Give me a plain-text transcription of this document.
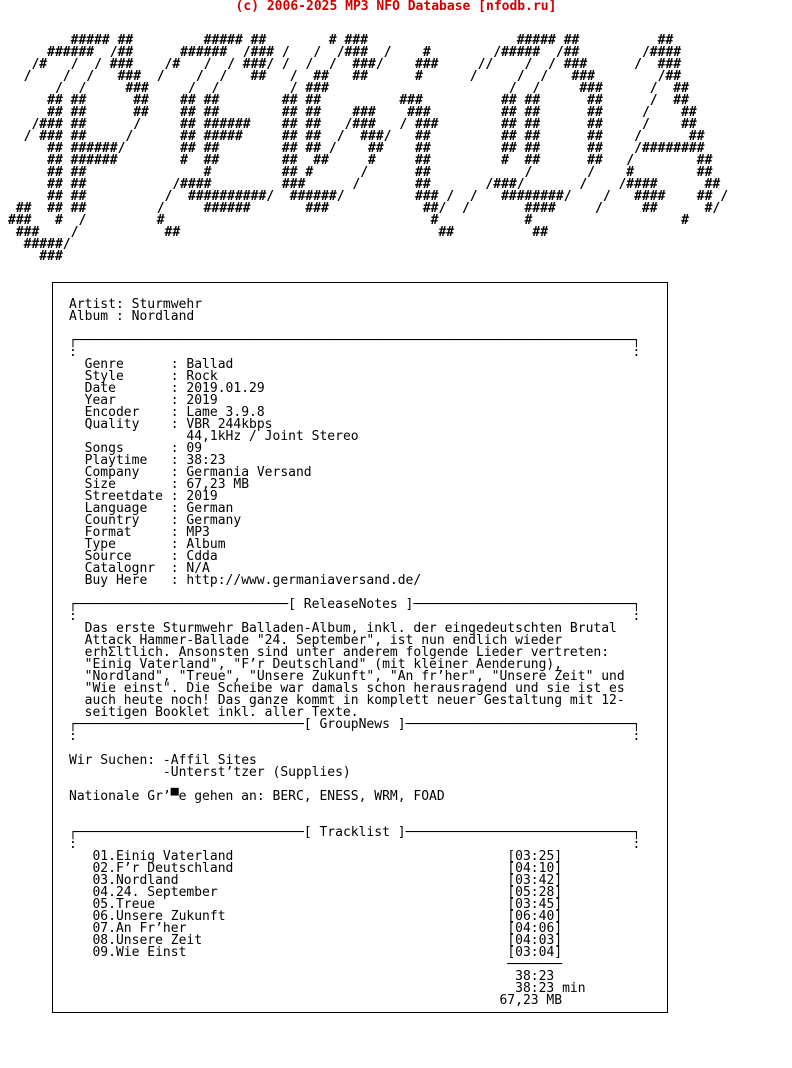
(c) 2006-2025 MP3 NFO Database [nfodb.ru]
##### ##         ##### ##        # ###                   ##### ##          ##
######  /##      ######  /### /   /  /###  /    #        /#####  /##        /####
/#   /  / ###    /#   /  / ###/ /  /  /  ###/    ###     //    /  / ###      /  ###
/    /  /   ###  /    /  /   ##   /  ##   ##      #      /     /  /   ###        /##
/  /     ###     /  /         / ###                       /  /     ###      /  ##
## ##      ##    ## ##        ## ##          ###          ## ##      ##      /  ##
## ##      ##    ## ##        ## ##    ###    ###         ## ##      ##     /    ##
/### ##      /     ## ######    ## ##   /###   / ###        ## ##      ##     /    ##
/ ### ##     /      ## #####     ## ##  /  ###/   ##         ## ##      ##    /      ##
## ######/       ## ##        ## ## /    ##    ##         ## ##      ##    /########
## ######        #  ##        ##  ##     #     ##         #  ##      ##   /        ##
## ##               #         ## #      /      ##            /       /    #        ##
## ##           /####         ###      /       ##       /###/       /    /####      ##
## ##          /  ##########/  ######/         ### /  /   ########/    /   ####    ## /
##  ## ##         /     ######       ###            ##/  /       ####     /     ##      #/
###   #  /         #                                  #           #                   #
###    /           ##                                 ##          ##
#####/
###
Artist: Sturmwehr
Album : Nordland

┌───────────────────────────────────────────────────────────────────────┐
:                                                                       :
Genre      : Ballad
Style      : Rock
Date       : 2019.01.29
Year       : 2019
Encoder    : Lame 3.9.8
Quality    : VBR 244kbps
44,1kHz / Joint Stereo
Songs      : 09
Playtime   : 38:23
Company    : Germania Versand
Size       : 67,23 MB
Streetdate : 2019
Language   : German
Country    : Germany
Format     : MP3
Type       : Album
Source     : Cdda
Catalognr  : N/A
Buy Here   : http://www.germaniaversand.de/

┌───────────────────────────[ ReleaseNotes ]────────────────────────────┐
:                                                                       :
Das erste Sturmwehr Balladen-Album, inkl. der eingedeutschten Brutal
Attack Hammer-Ballade "24. September", ist nun endlich wieder
erhΣltlich. Ansonsten sind unter anderem folgende Lieder vertreten:
"Einig Vaterland", "F’r Deutschland" (mit kleiner Aenderung),
"Nordland", "Treue", "Unsere Zukunft", "An fr’her", "Unsere Zeit" und
"Wie einst". Die Scheibe war damals schon herausragend und sie ist es
auch heute noch! Das ganze kommt in komplett neuer Gestaltung mit 12-
seitigen Booklet inkl. aller Texte.
┌─────────────────────────────[ GroupNews ]─────────────────────────────┐
:                                                                       :

Wir Suchen: -Affil Sites
-Unterst’tzer (Supplies)

Nationale Gr’▀e gehen an: BERC, ENESS, WRM, FOAD

┌─────────────────────────────[ Tracklist ]─────────────────────────────┐
:                                                                       :
01.Einig Vaterland	[03:25]
02.F’r Deutschland	[04:10]
03.Nordland	[03:42]
04.24. September	[05:28]
05.Treue	[03:45]
06.Unsere Zukunft	[06:40]
07.An Fr’her	[04:06]
08.Unsere Zeit	[04:03]
09.Wie Einst	[03:04]
───────
38:23
38:23 min
67,23 MB
